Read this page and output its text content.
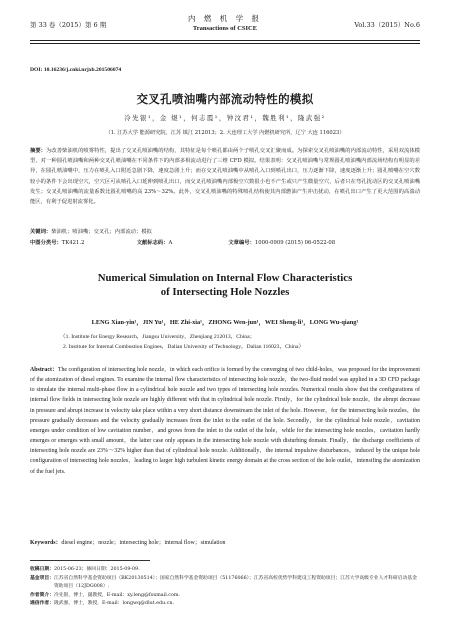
第 33 卷（2015）第 6 期
内 燃 机 学 报
Transactions of CSICE	Vol.33（2015）No.6
DOI: 10.16236/j.cnki.nrjxb.201506074
交叉孔喷油嘴内部流动特性的模拟
冷先银¹，金 煜¹，何志霞¹，钟汶君¹，魏胜利¹，隆武强²
（1. 江苏大学 能源研究院，江苏 镇江 212013；2. 大连理工大学 内燃机研究所，辽宁 大连 116023）
摘要：为改善柴油机的喷雾特性，提出了交叉孔喷油嘴的结构，其特征是每个喷孔都由两个子喷孔交叉汇聚而成。为探索交叉孔喷油嘴的内部流动特性，采用双流体模型，对一种圆孔喷油嘴和两种交叉孔喷油嘴在不同条件下的内部多相流动进行了三维 CFD 模拟。结果表明：交叉孔喷油嘴与常规圆孔喷油嘴内部流场结构有明显的差异，在圆孔喷油嘴中，压力在喷孔入口附近急剧下降，速度急剧上升；而在交叉孔喷油嘴中从喷孔入口到喷孔出口，压力逐渐下降，速度逐渐上升；圆孔喷嘴在空穴数较小的条件下会出现空穴，空穴区可从喷孔入口延伸到喷孔出口，而交叉孔喷油嘴内部极空穴数很小也不产生或只产生微量空穴，后者只在弯孔扰动区的交叉孔喷油嘴发生；交叉孔喷油嘴的流量系数比圆孔喷嘴的高 23%～32%。此外，交叉孔喷油嘴的特殊喷孔结构使其内部燃油产生冲击扰动，在喷孔出口产生了更大范围的高湍动能区，有利于促进射流雾化。
关键词：柴油机；喷油嘴；交叉孔；内部流动；模拟
中图分类号：TK421.2	文献标志码：A	文章编号：1000-0909 (2015) 06-0522-08
Numerical Simulation on Internal Flow Characteristics
of Intersecting Hole Nozzles
LENG Xian-yin¹，JIN Yu¹，HE Zhi-xia¹，ZHONG Wen-jun¹，WEI Sheng-li¹，LONG Wu-qiang²
（1. Institute for Energy Research，Jiangsu University，Zhenjiang 212013，China；
2. Institute for Internal Combustion Engines，Dalian University of Technology，Dalian 116023，China）
Abstract：The configuration of intersecting hole nozzle，in which each orifice is formed by the converging of two child-holes，was proposed for the improvement of the atomization of diesel engines. To examine the internal flow characteristics of intersecting hole nozzle，the two-fluid model was applied in a 3D CFD package to simulate the internal multi-phase flow in a cylindrical hole nozzle and two types of intersecting hole nozzles. Numerical results show that the configurations of internal flow fields in intersecting hole nozzle are highly different with that in cylindrical hole nozzle. Firstly，for the cylindrical hole nozzle，the abrupt decrease in pressure and abrupt increase in velocity take place within a very short distance downstream the inlet of the hole. However，for the intersecting hole nozzles，the pressure gradually decreases and the velocity gradually increases from the inlet to the outlet of the hole. Secondly，for the cylindrical hole nozzle，cavitation emerges under condition of low cavitation number，and grows from the inlet to the outlet of the hole，while for the intersecting hole nozzles，cavitation hardly emerges or emerges with small amount，the latter case only appears in the intersecting hole nozzle with disturbing domain. Finally，the discharge coefficients of intersecting hole nozzle are 23%～32% higher than that of cylindrical hole nozzle. Additionally，the internal impulsive disturbances，induced by the unique hole configuration of intersecting hole nozzles，leading to larger high turbulent kinetic energy domain at the cross section of the hole outlet，intensifing the atomization of the fuel jets.
Keywords：diesel engine；nozzle；intersecting hole；internal flow；simulation
收稿日期： 2015-06-23；修回日期：2015-09-09.
基金项目： 江苏省自然科学基金资助项目（BK20130514）；国家自然科学基金资助项目（51176066）；江苏省高校优势学科建设工程资助项目；江苏大学高级专业人才科研启动基金资助项目（12JDG008）.
作者简介： 冷先银，博士，副教授，E-mail：xy.leng@foxmail.com.
通信作者： 隆武强，博士，教授，E-mail：longwq@dlut.edu.cn.
